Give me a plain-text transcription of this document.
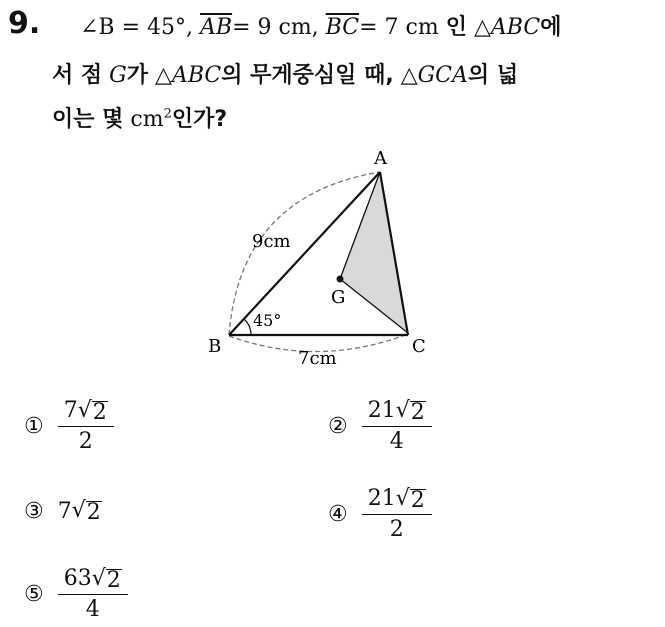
9. ∠B = 45°, $\overline{AB}= 9$ cm, $\overline{BC}= 7$ cm 인 △ABC에
서 점 G가 △ABC의 무게중심일 때, △GCA의 넓
이는 몇 $cm^2$인가?
A
B	C
G
9cm
7cm
45°
① $\frac{7 √ 2}{2}$	② $\frac{21 √ 2}{4}$
③ 7 √ 2	④ $\frac{21 √ 2}{2}$
⑤ $\frac{63 √ 2}{4}$
